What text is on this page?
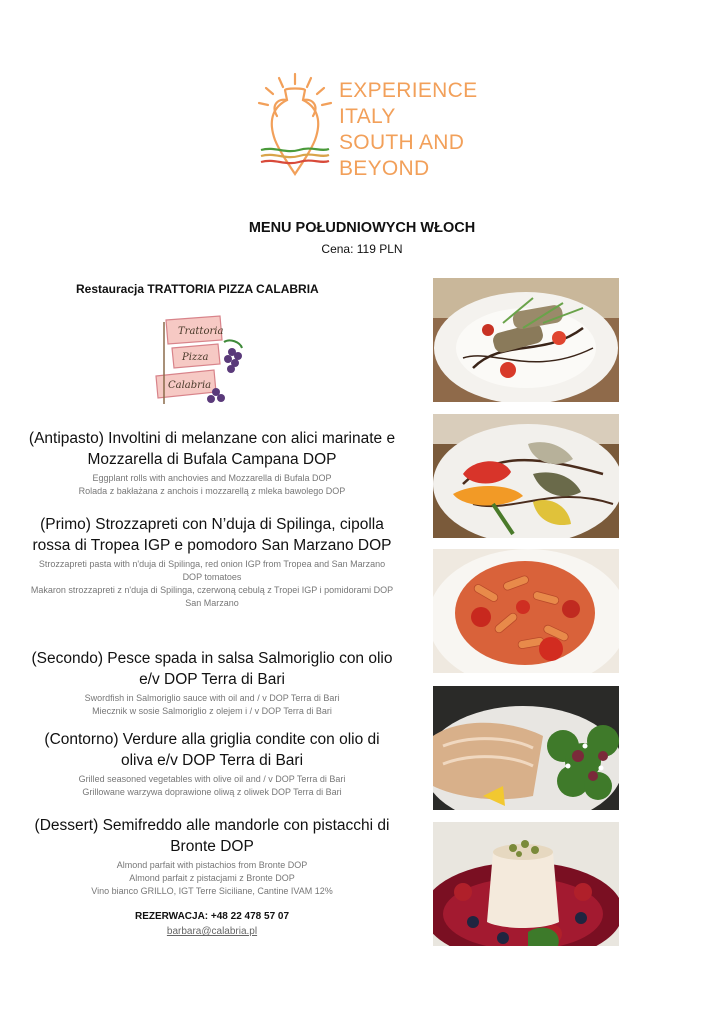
EXPERIENCE
ITALY
SOUTH AND
BEYOND
MENU POŁUDNIOWYCH WŁOCH
Cena: 119 PLN
Restauracja TRATTORIA PIZZA CALABRIA
Trattoria
Pizza
Calabria
(Antipasto) Involtini di melanzane con alici marinate e Mozzarella di Bufala Campana DOP
Eggplant rolls with anchovies and Mozzarella di Bufala DOP
Rolada z bakłażana z anchois i mozzarellą z mleka bawolego DOP
(Primo) Strozzapreti con N’duja di Spilinga, cipolla rossa di Tropea IGP e pomodoro San Marzano DOP
Strozzapreti pasta with n'duja di Spilinga, red onion IGP from Tropea and San Marzano DOP tomatoes
Makaron strozzapreti z n'duja di Spilinga, czerwoną cebulą z Tropei IGP i pomidorami DOP San Marzano
(Secondo) Pesce spada in salsa Salmoriglio con olio e/v DOP Terra di Bari
Swordfish in Salmoriglio sauce with oil and / v DOP Terra di Bari
Miecznik w sosie Salmoriglio z olejem i / v DOP Terra di Bari
(Contorno) Verdure alla griglia condite con olio di oliva e/v DOP Terra di Bari
Grilled seasoned vegetables with olive oil and / v DOP Terra di Bari
Grillowane warzywa doprawione oliwą z oliwek DOP Terra di Bari
(Dessert) Semifreddo alle mandorle con pistacchi di Bronte DOP
Almond parfait with pistachios from Bronte DOP
Almond parfait z pistacjami z Bronte DOP
Vino bianco GRILLO, IGT Terre Siciliane, Cantine IVAM 12%
REZERWACJA: +48 22 478 57 07
barbara@calabria.pl
